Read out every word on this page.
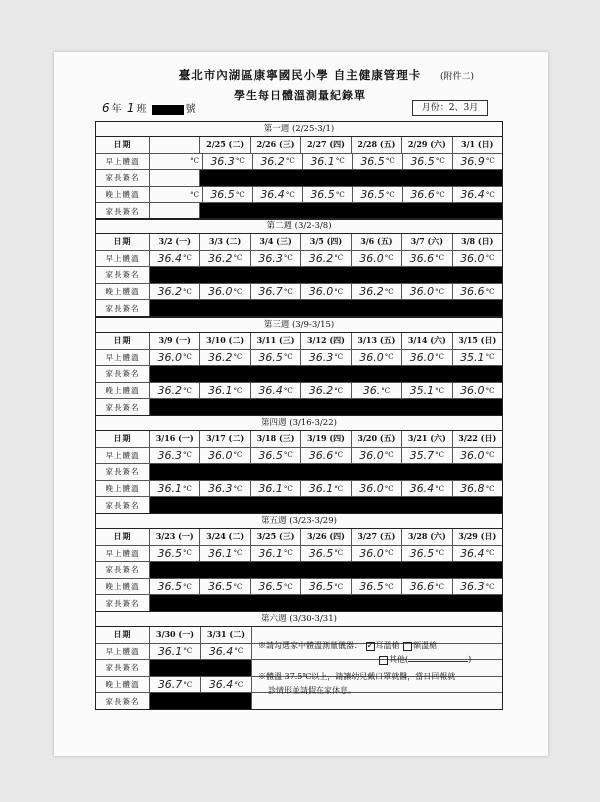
臺北市內湖區康寧國民小學 自主健康管理卡	(附件二)
學生每日體溫測量紀錄單
6 年 1 班	號	月份：2、3月
第一週 (2/25-3/1)
日期	2/25 (二)	2/26 (三)	2/27 (四)	2/28 (五)	2/29 (六)	3/1 (日)
早上體溫	°C 36.3 °C 36.2 °C 36.1 °C 36.5 °C 36.5 °C 36.9 °C
家長簽名
晚上體溫	°C 36.5 °C 36.4 °C 36.5 °C 36.5 °C 36.6 °C 36.4 °C
家長簽名
第二週 (3/2-3/8)
日期	3/2 (一)	3/3 (二)	3/4 (三)	3/5 (四)	3/6 (五)	3/7 (六)	3/8 (日)
早上體溫	36.4 °C 36.2 °C 36.3 °C 36.2 °C 36.0 °C 36.6 °C 36.0 °C
家長簽名
晚上體溫	36.2 °C 36.0 °C 36.7 °C 36.0 °C 36.2 °C 36.0 °C 36.6 °C
家長簽名
第三週 (3/9-3/15)
日期	3/9 (一)	3/10 (二)	3/11 (三)	3/12 (四)	3/13 (五)	3/14 (六)	3/15 (日)
早上體溫	36.0 °C 36.2 °C 36.5 °C 36.3 °C 36.0 °C 36.0 °C 35.1 °C
家長簽名
晚上體溫	36.2 °C 36.1 °C 36.4 °C 36.2 °C 36. °C 35.1 °C 36.0 °C
家長簽名
第四週 (3/16-3/22)
日期	3/16 (一)	3/17 (二)	3/18 (三)	3/19 (四)	3/20 (五)	3/21 (六)	3/22 (日)
早上體溫	36.3 °C 36.0 °C 36.5 °C 36.6 °C 36.0 °C 35.7 °C 36.0 °C
家長簽名
晚上體溫	36.1 °C 36.3 °C 36.1 °C 36.1 °C 36.0 °C 36.4 °C 36.8 °C
家長簽名
第五週 (3/23-3/29)
日期	3/23 (一)	3/24 (二)	3/25 (三)	3/26 (四)	3/27 (五)	3/28 (六)	3/29 (日)
早上體溫	36.5 °C 36.1 °C 36.1 °C 36.5 °C 36.0 °C 36.5 °C 36.4 °C
家長簽名
晚上體溫	36.5 °C 36.5 °C 36.5 °C 36.5 °C 36.5 °C 36.6 °C 36.3 °C
家長簽名
第六週 (3/30-3/31)
日期	3/30 (一)	3/31 (二)
早上體溫	36.1 °C 36.4 °C
家長簽名
晚上體溫	36.7 °C 36.4 °C
家長簽名
※請勾選家中體溫測量儀器： ✓ 耳溫槍 額溫槍
其他(	)
※體溫 37.5℃以上，請讓幼兒戴口罩就醫，當日回報就
診情形並請假在家休息。
